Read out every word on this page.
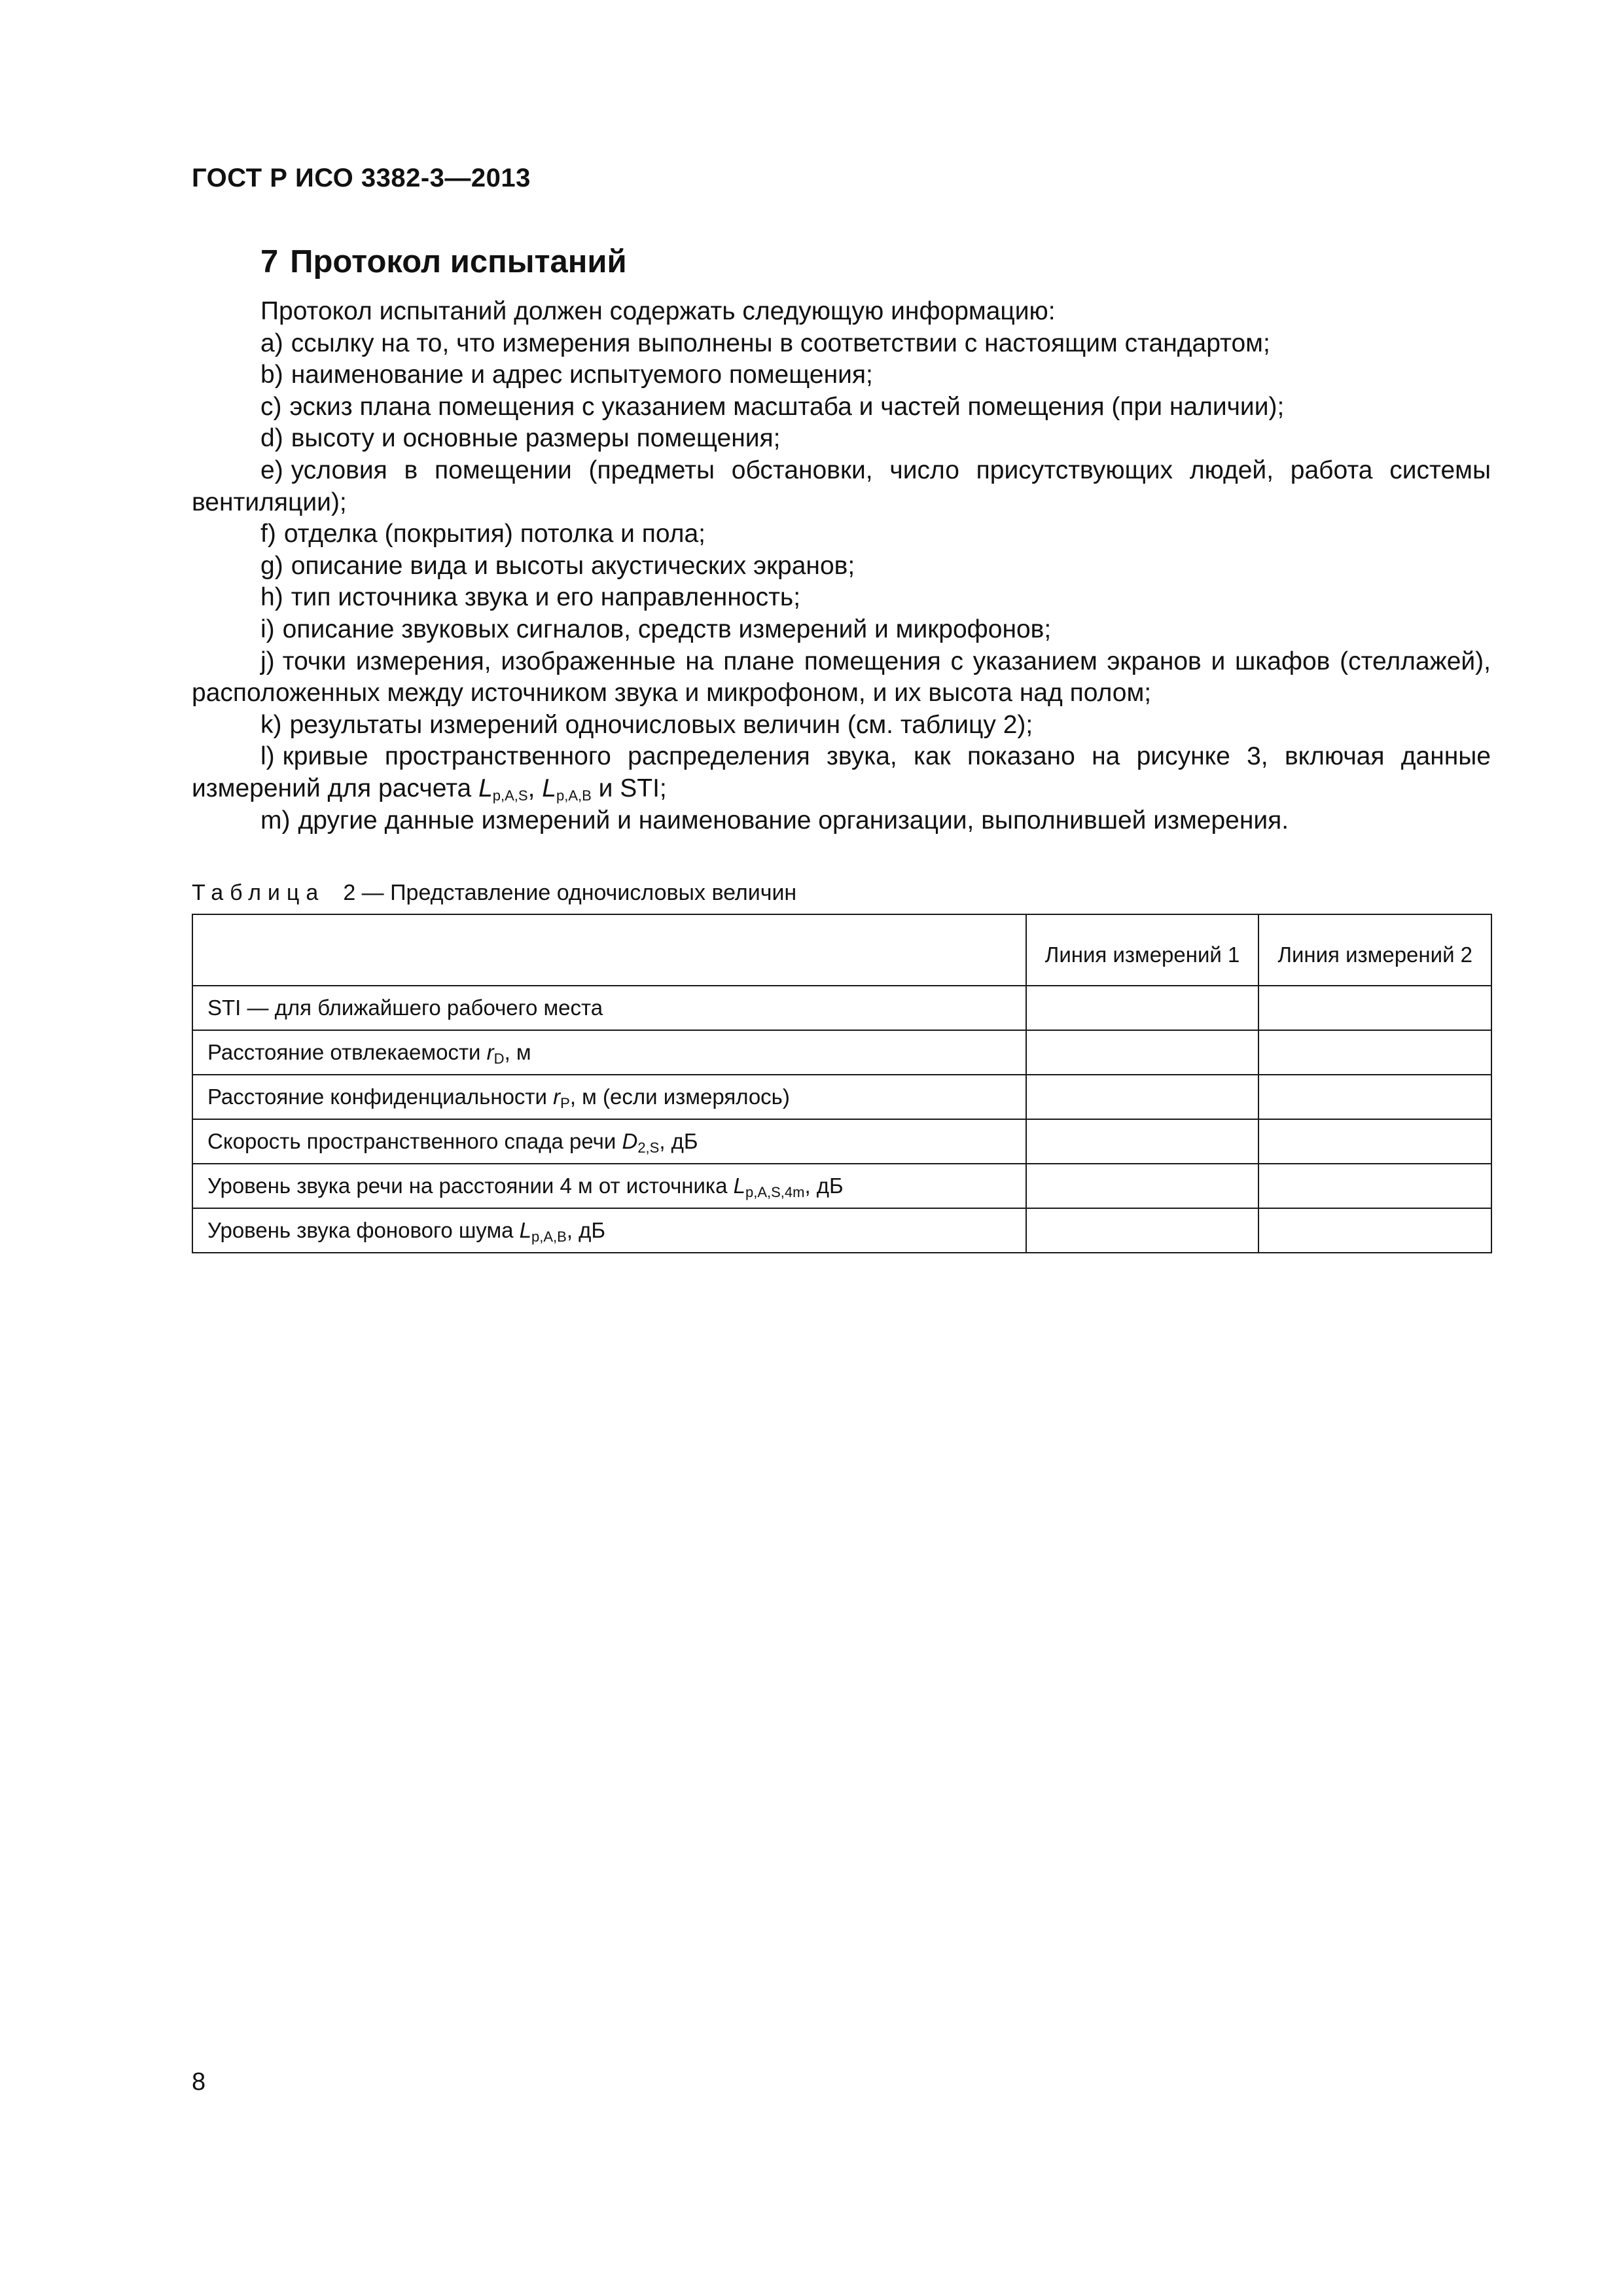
ГОСТ Р ИСО 3382-3—2013
7 Протокол испытаний

Протокол испытаний должен содержать следующую информацию:

a) ссылку на то, что измерения выполнены в соответствии с настоящим стандартом;

b) наименование и адрес испытуемого помещения;

c) эскиз плана помещения с указанием масштаба и частей помещения (при наличии);

d) высоту и основные размеры помещения;

e) условия в помещении (предметы обстановки, число присутствующих людей, работа системы вентиляции);

f) отделка (покрытия) потолка и пола;

g) описание вида и высоты акустических экранов;

h) тип источника звука и его направленность;

i) описание звуковых сигналов, средств измерений и микрофонов;

j) точки измерения, изображенные на плане помещения с указанием экранов и шкафов (стеллажей), расположенных между источником звука и микрофоном, и их высота над полом;

k) результаты измерений одночисловых величин (см. таблицу 2);

l) кривые пространственного распределения звука, как показано на рисунке 3, включая данные измерений для расчета $L_{p,A,S}$, $L_{p,A,B}$ и STI;

m) другие данные измерений и наименование организации, выполнившей измерения.

Таблица 2 — Представление одночисловых величин
	Линия измерений 1	Линия измерений 2
STI — для ближайшего рабочего места		
Расстояние отвлекаемости $r_D$, м		
Расстояние конфиденциальности $r_P$, м (если измерялось)		
Скорость пространственного спада речи $D_{2,S}$, дБ		
Уровень звука речи на расстоянии 4 м от источника $L_{p,A,S,4m}$, дБ		
Уровень звука фонового шума $L_{p,A,B}$, дБ		
8
